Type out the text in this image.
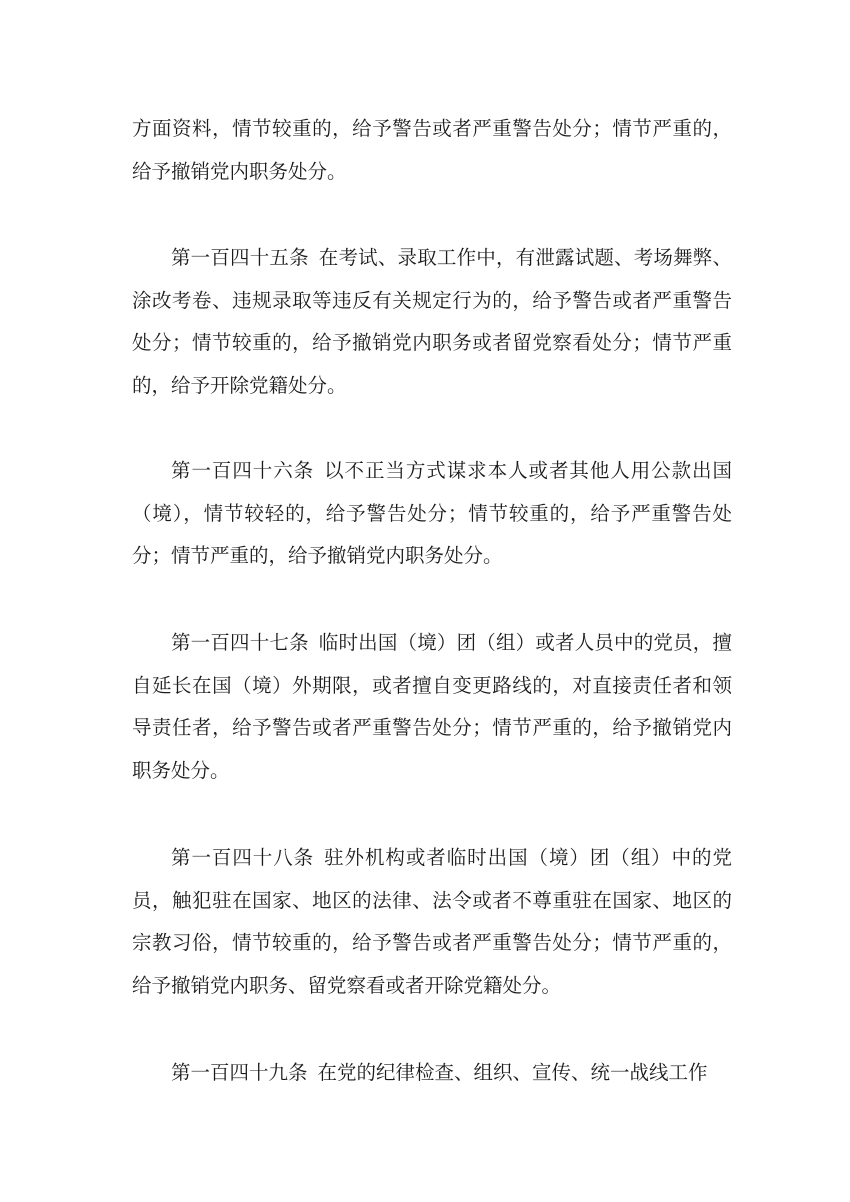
方面资料，情节较重的，给予警告或者严重警告处分；情节严重的，给予撤销党内职务处分。

第一百四十五条 在考试、录取工作中，有泄露试题、考场舞弊、涂改考卷、违规录取等违反有关规定行为的，给予警告或者严重警告处分；情节较重的，给予撤销党内职务或者留党察看处分；情节严重的，给予开除党籍处分。

第一百四十六条 以不正当方式谋求本人或者其他人用公款出国（境），情节较轻的，给予警告处分；情节较重的，给予严重警告处分；情节严重的，给予撤销党内职务处分。

第一百四十七条 临时出国（境）团（组）或者人员中的党员，擅自延长在国（境）外期限，或者擅自变更路线的，对直接责任者和领导责任者，给予警告或者严重警告处分；情节严重的，给予撤销党内职务处分。

第一百四十八条 驻外机构或者临时出国（境）团（组）中的党员，触犯驻在国家、地区的法律、法令或者不尊重驻在国家、地区的宗教习俗，情节较重的，给予警告或者严重警告处分；情节严重的，给予撤销党内职务、留党察看或者开除党籍处分。

第一百四十九条 在党的纪律检查、组织、宣传、统一战线工作
